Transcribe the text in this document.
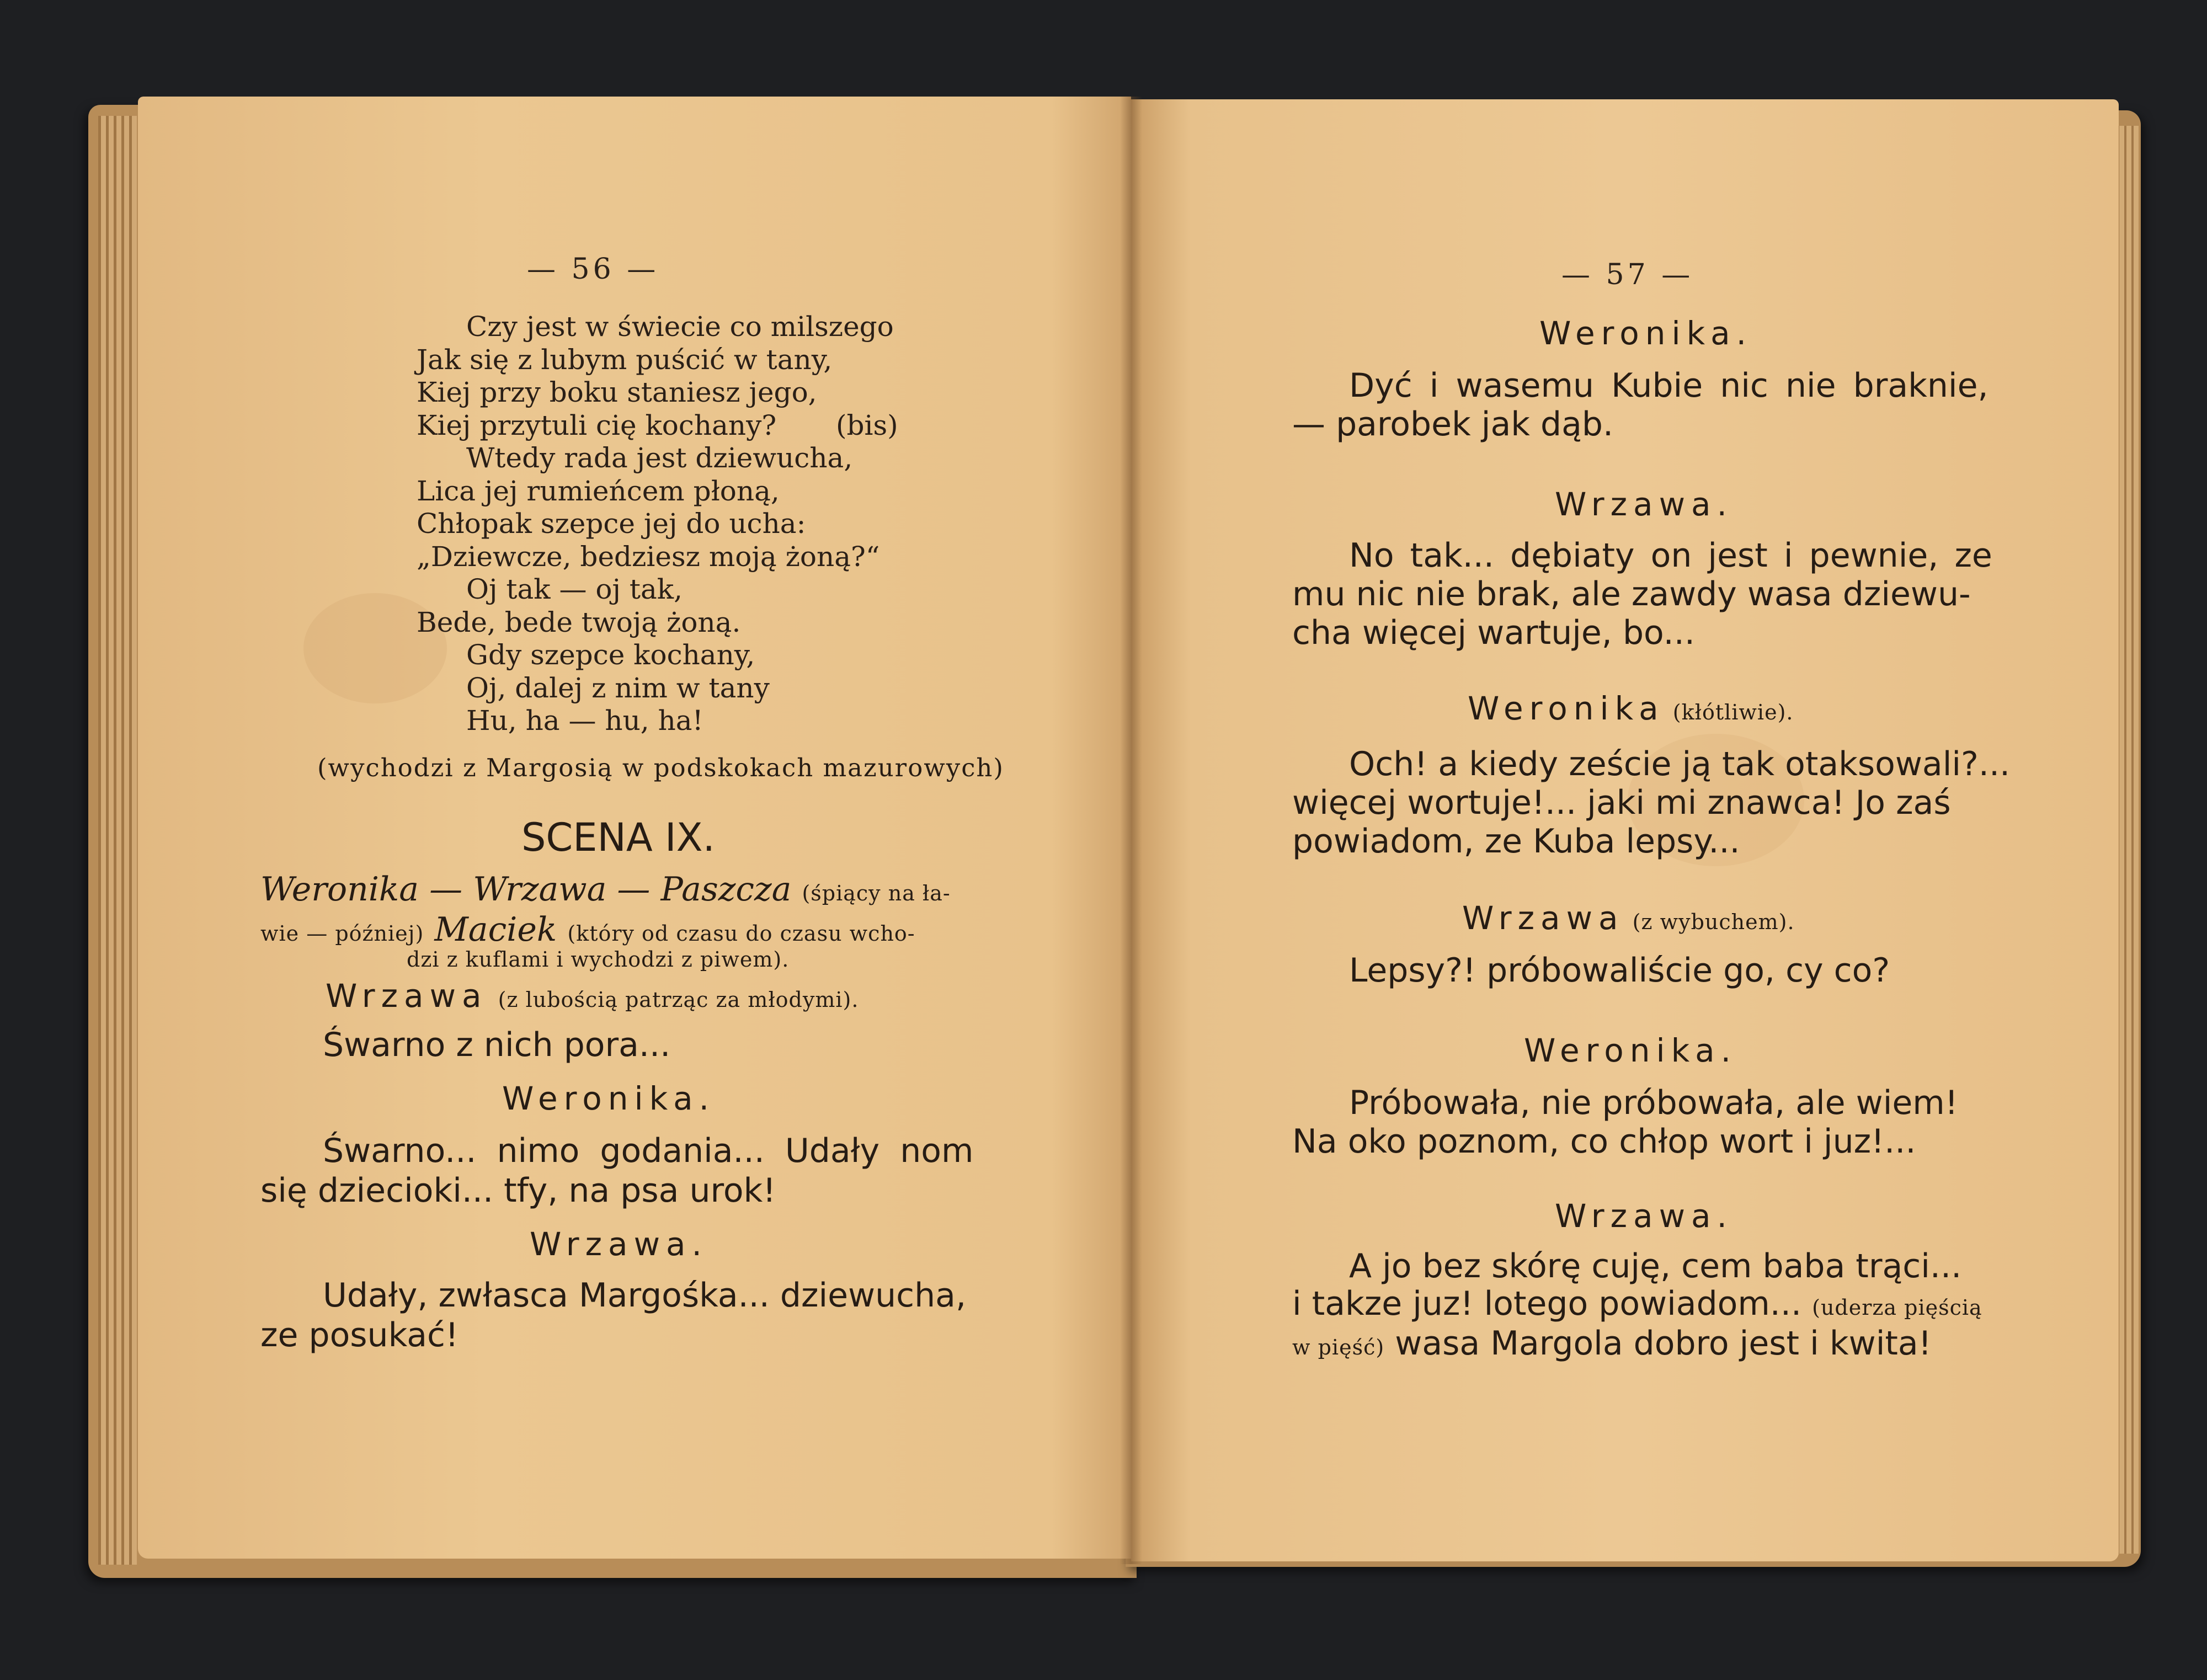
— 56 —
Czy jest w świecie co milszego
Jak się z lubym puścić w tany,
Kiej przy boku staniesz jego,
Kiej przytuli cię kochany? (bis)
Wtedy rada jest dziewucha,
Lica jej rumieńcem płoną,
Chłopak szepce jej do ucha:
„Dziewcze, bedziesz moją żoną?“
Oj tak — oj tak,
Bede, bede twoją żoną.
Gdy szepce kochany,
Oj, dalej z nim w tany
Hu, ha — hu, ha!
(wychodzi z Margosią w podskokach mazurowych)
SCENA IX.
Weronika — Wrzawa — Paszcza (śpiący na ła-
wie — później) Maciek (który od czasu do czasu wcho-
dzi z kuflami i wychodzi z piwem).
Wrzawa (z lubością patrząc za młodymi).
Śwarno z nich pora...
Weronika.
Śwarno... nimo godania... Udały nom
się dziecioki... tfy, na psa urok!
Wrzawa.
Udały, zwłasca Margośka... dziewucha,
ze posukać!
— 57 —
Weronika.
Dyć i wasemu Kubie nic nie braknie,
— parobek jak dąb.
Wrzawa.
No tak... dębiaty on jest i pewnie, ze
mu nic nie brak, ale zawdy wasa dziewu-
cha więcej wartuje, bo...
Weronika (kłótliwie).
Och! a kiedy zeście ją tak otaksowali?...
więcej wortuje!... jaki mi znawca! Jo zaś
powiadom, ze Kuba lepsy...
Wrzawa (z wybuchem).
Lepsy?! próbowaliście go, cy co?
Weronika.
Próbowała, nie próbowała, ale wiem!
Na oko poznom, co chłop wort i juz!...
Wrzawa.
A jo bez skórę cuję, cem baba trąci...
i takze juz! lotego powiadom... (uderza pięścią
w pięść) wasa Margola dobro jest i kwita!
